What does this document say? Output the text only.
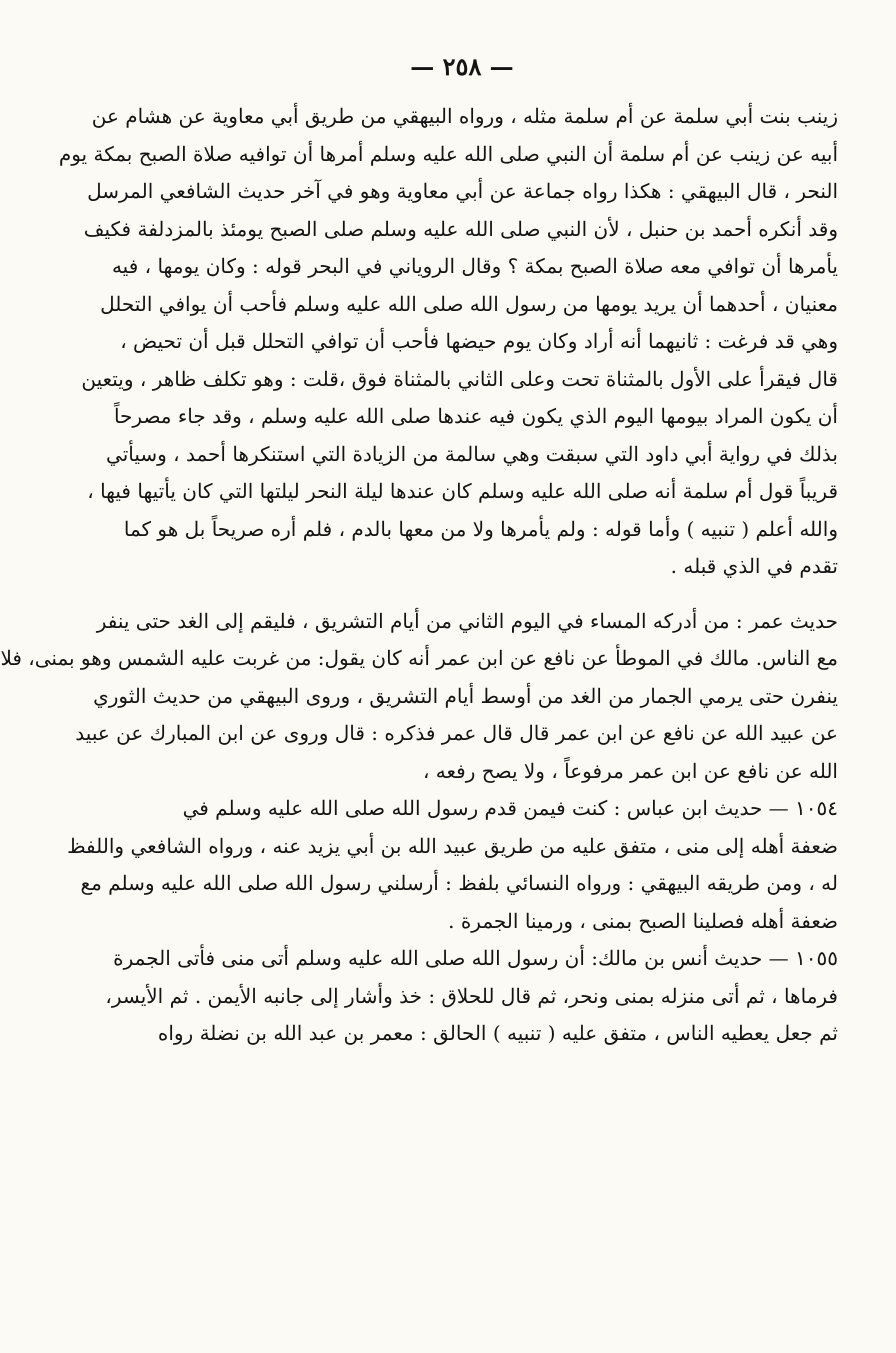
— ٢٥٨ —

زينب بنت أبي سلمة عن أم سلمة مثله ، ورواه البيهقي من طريق أبي معاوية عن هشام عن
أبيه عن زينب عن أم سلمة أن النبي صلى الله عليه وسلم أمرها أن توافيه صلاة الصبح بمكة يوم
النحر ، قال البيهقي : هكذا رواه جماعة عن أبي معاوية وهو في آخر حديث الشافعي المرسل
وقد أنكره أحمد بن حنبل ، لأن النبي صلى الله عليه وسلم صلى الصبح يومئذ بالمزدلفة فكيف
يأمرها أن توافي معه صلاة الصبح بمكة ؟ وقال الروياني في البحر قوله : وكان يومها ، فيه
معنيان ، أحدهما أن يريد يومها من رسول الله صلى الله عليه وسلم فأحب أن يوافي التحلل
وهي قد فرغت : ثانيهما أنه أراد وكان يوم حيضها فأحب أن توافي التحلل قبل أن تحيض ،
قال فيقرأ على الأول بالمثناة تحت وعلى الثاني بالمثناة فوق ،قلت : وهو تكلف ظاهر ، ويتعين
أن يكون المراد بيومها اليوم الذي يكون فيه عندها صلى الله عليه وسلم ، وقد جاء مصرحاً
بذلك في رواية أبي داود التي سبقت وهي سالمة من الزيادة التي استنكرها أحمد ، وسيأتي
قريباً قول أم سلمة أنه صلى الله عليه وسلم كان عندها ليلة النحر ليلتها التي كان يأتيها فيها ،
والله أعلم ( تنبيه ) وأما قوله : ولم يأمرها ولا من معها بالدم ، فلم أره صريحاً بل هو كما
تقدم في الذي قبله .

حديث عمر : من أدركه المساء في اليوم الثاني من أيام التشريق ، فليقم إلى الغد حتى ينفر
مع الناس. مالك في الموطأ عن نافع عن ابن عمر أنه كان يقول: من غربت عليه الشمس وهو بمنى، فلا
ينفرن حتى يرمي الجمار من الغد من أوسط أيام التشريق ، وروى البيهقي من حديث الثوري
عن عبيد الله عن نافع عن ابن عمر قال قال عمر فذكره : قال وروى عن ابن المبارك عن عبيد
الله عن نافع عن ابن عمر مرفوعاً ، ولا يصح رفعه ،

١٠٥٤ — حديث ابن عباس : كنت فيمن قدم رسول الله صلى الله عليه وسلم في
ضعفة أهله إلى منى ، متفق عليه من طريق عبيد الله بن أبي يزيد عنه ، ورواه الشافعي واللفظ
له ، ومن طريقه البيهقي : ورواه النسائي بلفظ : أرسلني رسول الله صلى الله عليه وسلم مع
ضعفة أهله فصلينا الصبح بمنى ، ورمينا الجمرة .

١٠٥٥ — حديث أنس بن مالك: أن رسول الله صلى الله عليه وسلم أتى منى فأتى الجمرة
فرماها ، ثم أتى منزله بمنى ونحر، ثم قال للحلاق : خذ وأشار إلى جانبه الأيمن . ثم الأيسر،
ثم جعل يعطيه الناس ، متفق عليه ( تنبيه ) الحالق : معمر بن عبد الله بن نضلة رواه
